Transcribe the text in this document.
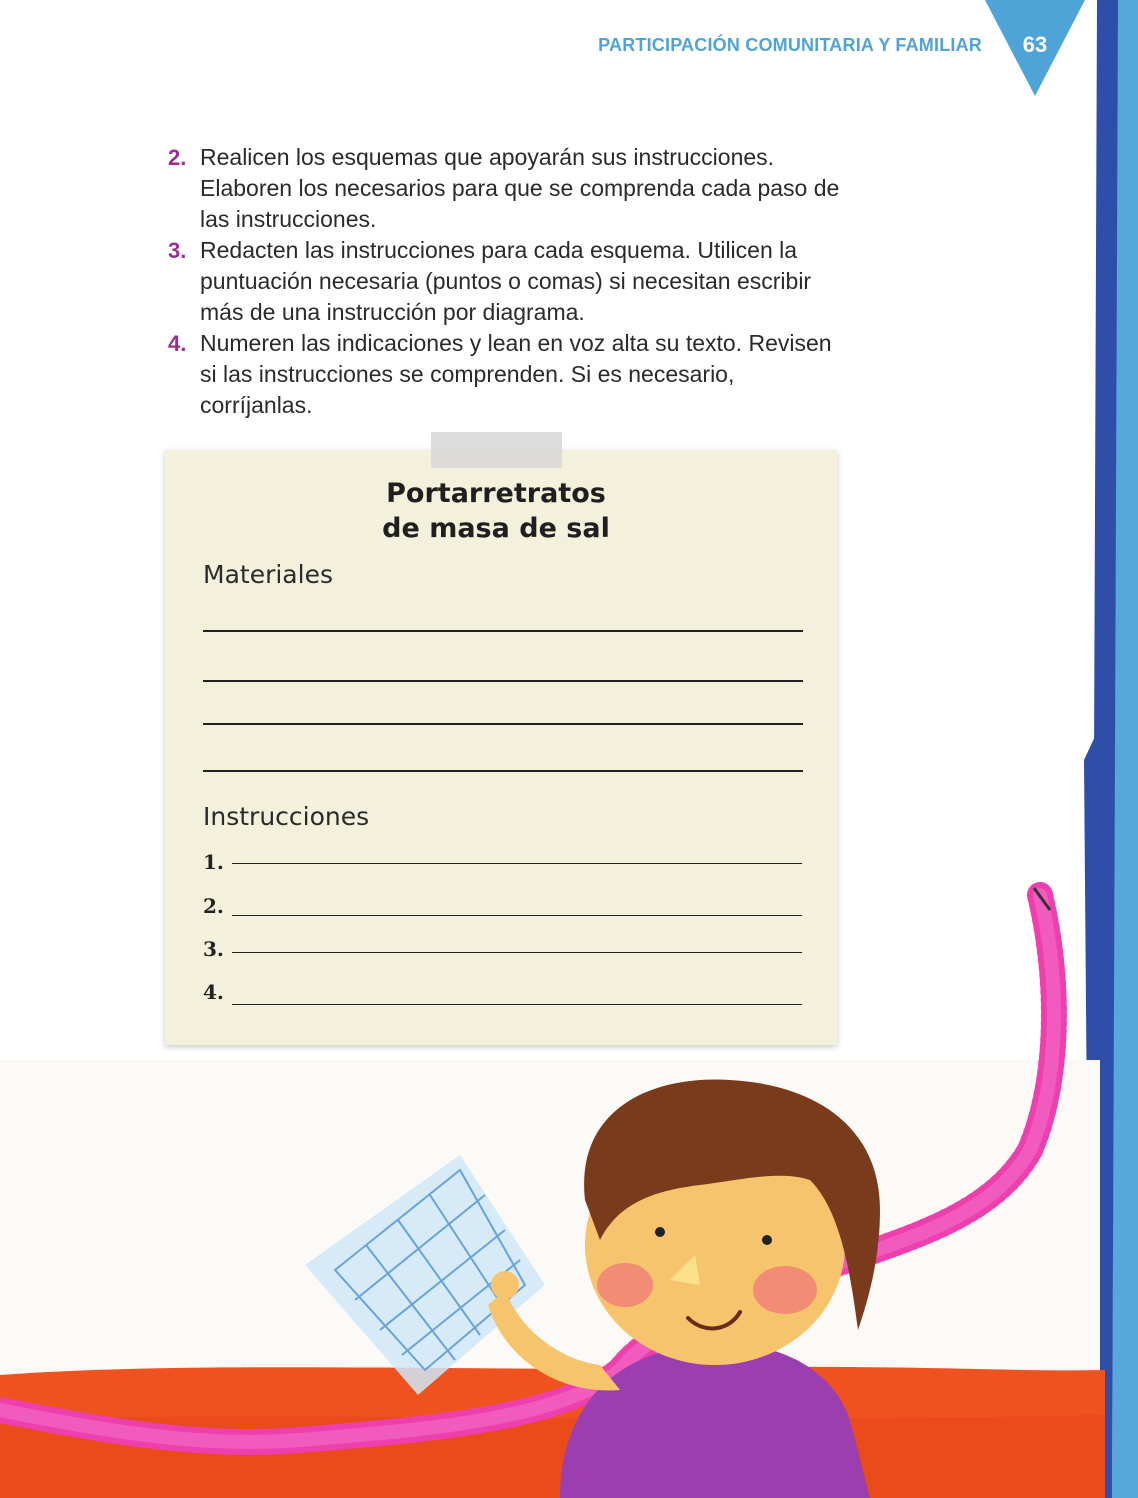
PARTICIPACIÓN COMUNITARIA Y FAMILIAR	63
2. Realicen los esquemas que apoyarán sus instrucciones. Elaboren los necesarios para que se comprenda cada paso de las instrucciones.
3. Redacten las instrucciones para cada esquema. Utilicen la puntuación necesaria (puntos o comas) si necesitan escribir más de una instrucción por diagrama.
4. Numeren las indicaciones y lean en voz alta su texto. Revisen si las instrucciones se comprenden. Si es necesario, corríjanlas.
Portarretratos
de masa de sal
Materiales
Instrucciones
1.
2.
3.
4.
